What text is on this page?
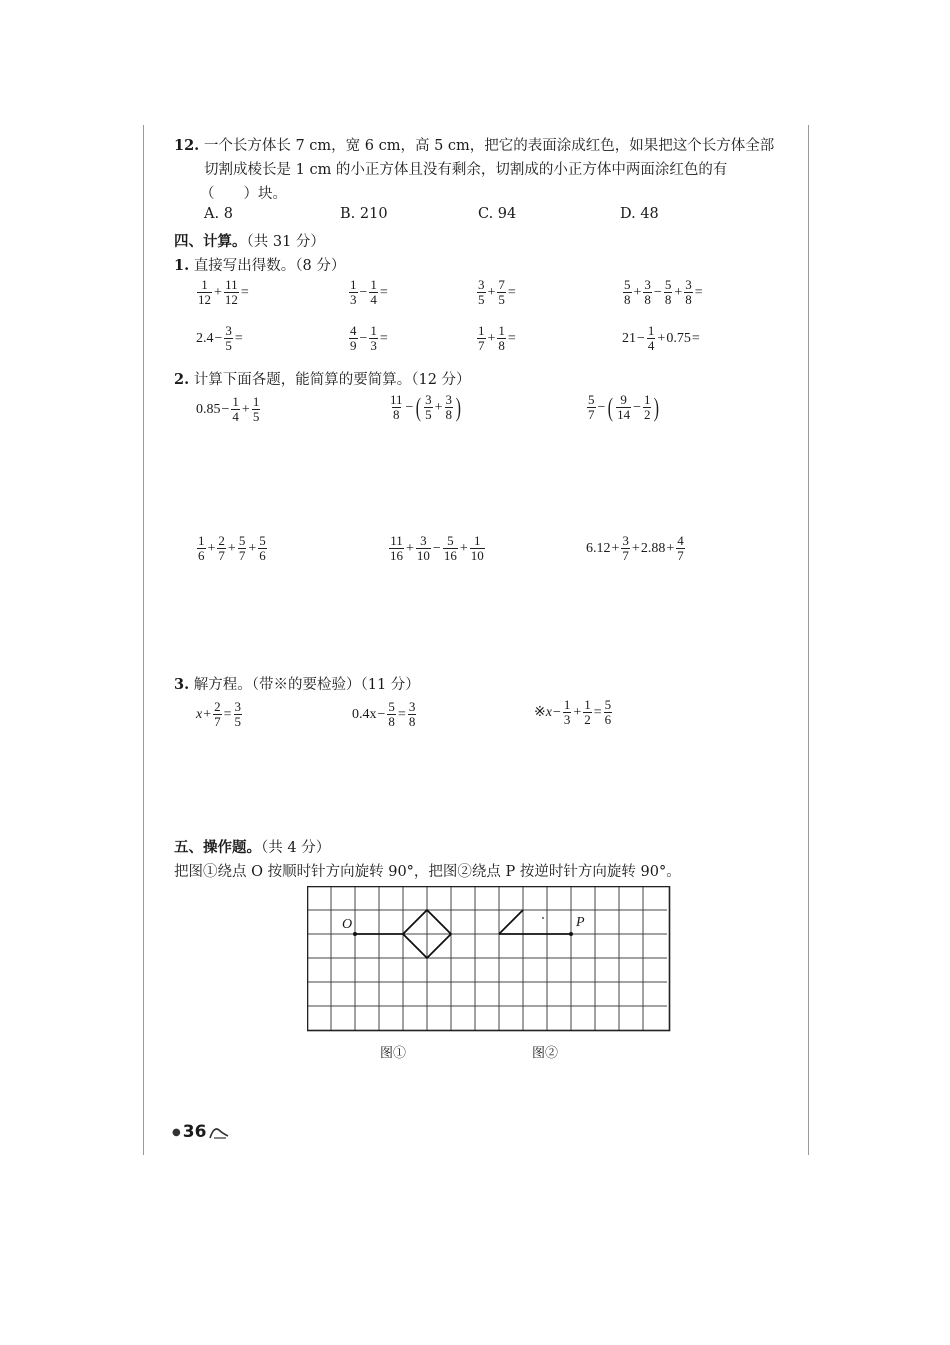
12. 一个长方体长 7 cm，宽 6 cm，高 5 cm，把它的表面涂成红色，如果把这个长方体全部
切割成棱长是 1 cm 的小正方体且没有剩余，切割成的小正方体中两面涂红色的有
（　　）块。
A. 8	B. 210	C. 94	D. 48
四、计算。（共 31 分）
1. 直接写出得数。（8 分）
$\frac{1}{12} + \frac{11}{12}$ =	$\frac{1}{3} - \frac{1}{4}$ =	$\frac{3}{5} + \frac{7}{5}$ =	$\frac{5}{8} + \frac{3}{8} - \frac{5}{8} + \frac{3}{8}$ =
$2.4 - \frac{3}{5}$ =	$\frac{4}{9} - \frac{1}{3}$ =	$\frac{1}{7} + \frac{1}{8}$ =	$21 - \frac{1}{4} + 0.75$ =
2. 计算下面各题，能简算的要简算。（12 分）
$0.85 - \frac{1}{4} + \frac{1}{5}$	$\frac{11}{8}$ − ( $\frac{3}{5} + \frac{3}{8}$ )	$\frac{5}{7}$ − ( $\frac{9}{14} - \frac{1}{2}$ )
$\frac{1}{6} + \frac{2}{7} + \frac{5}{7} + \frac{5}{6}$	$\frac{11}{16} + \frac{3}{10} - \frac{5}{16} + \frac{1}{10}$	$6.12 + \frac{3}{7} + 2.88 + \frac{4}{7}$
3. 解方程。（带※的要检验）（11 分）
$x + \frac{2}{7} = \frac{3}{5}$	$0.4x - \frac{5}{8} = \frac{3}{8}$	※ $x - \frac{1}{3} + \frac{1}{2} = \frac{5}{6}$
五、操作题。（共 4 分）
把图①绕点 O 按顺时针方向旋转 90°，把图②绕点 P 按逆时针方向旋转 90°。
O	P
图①	图②
● 36
